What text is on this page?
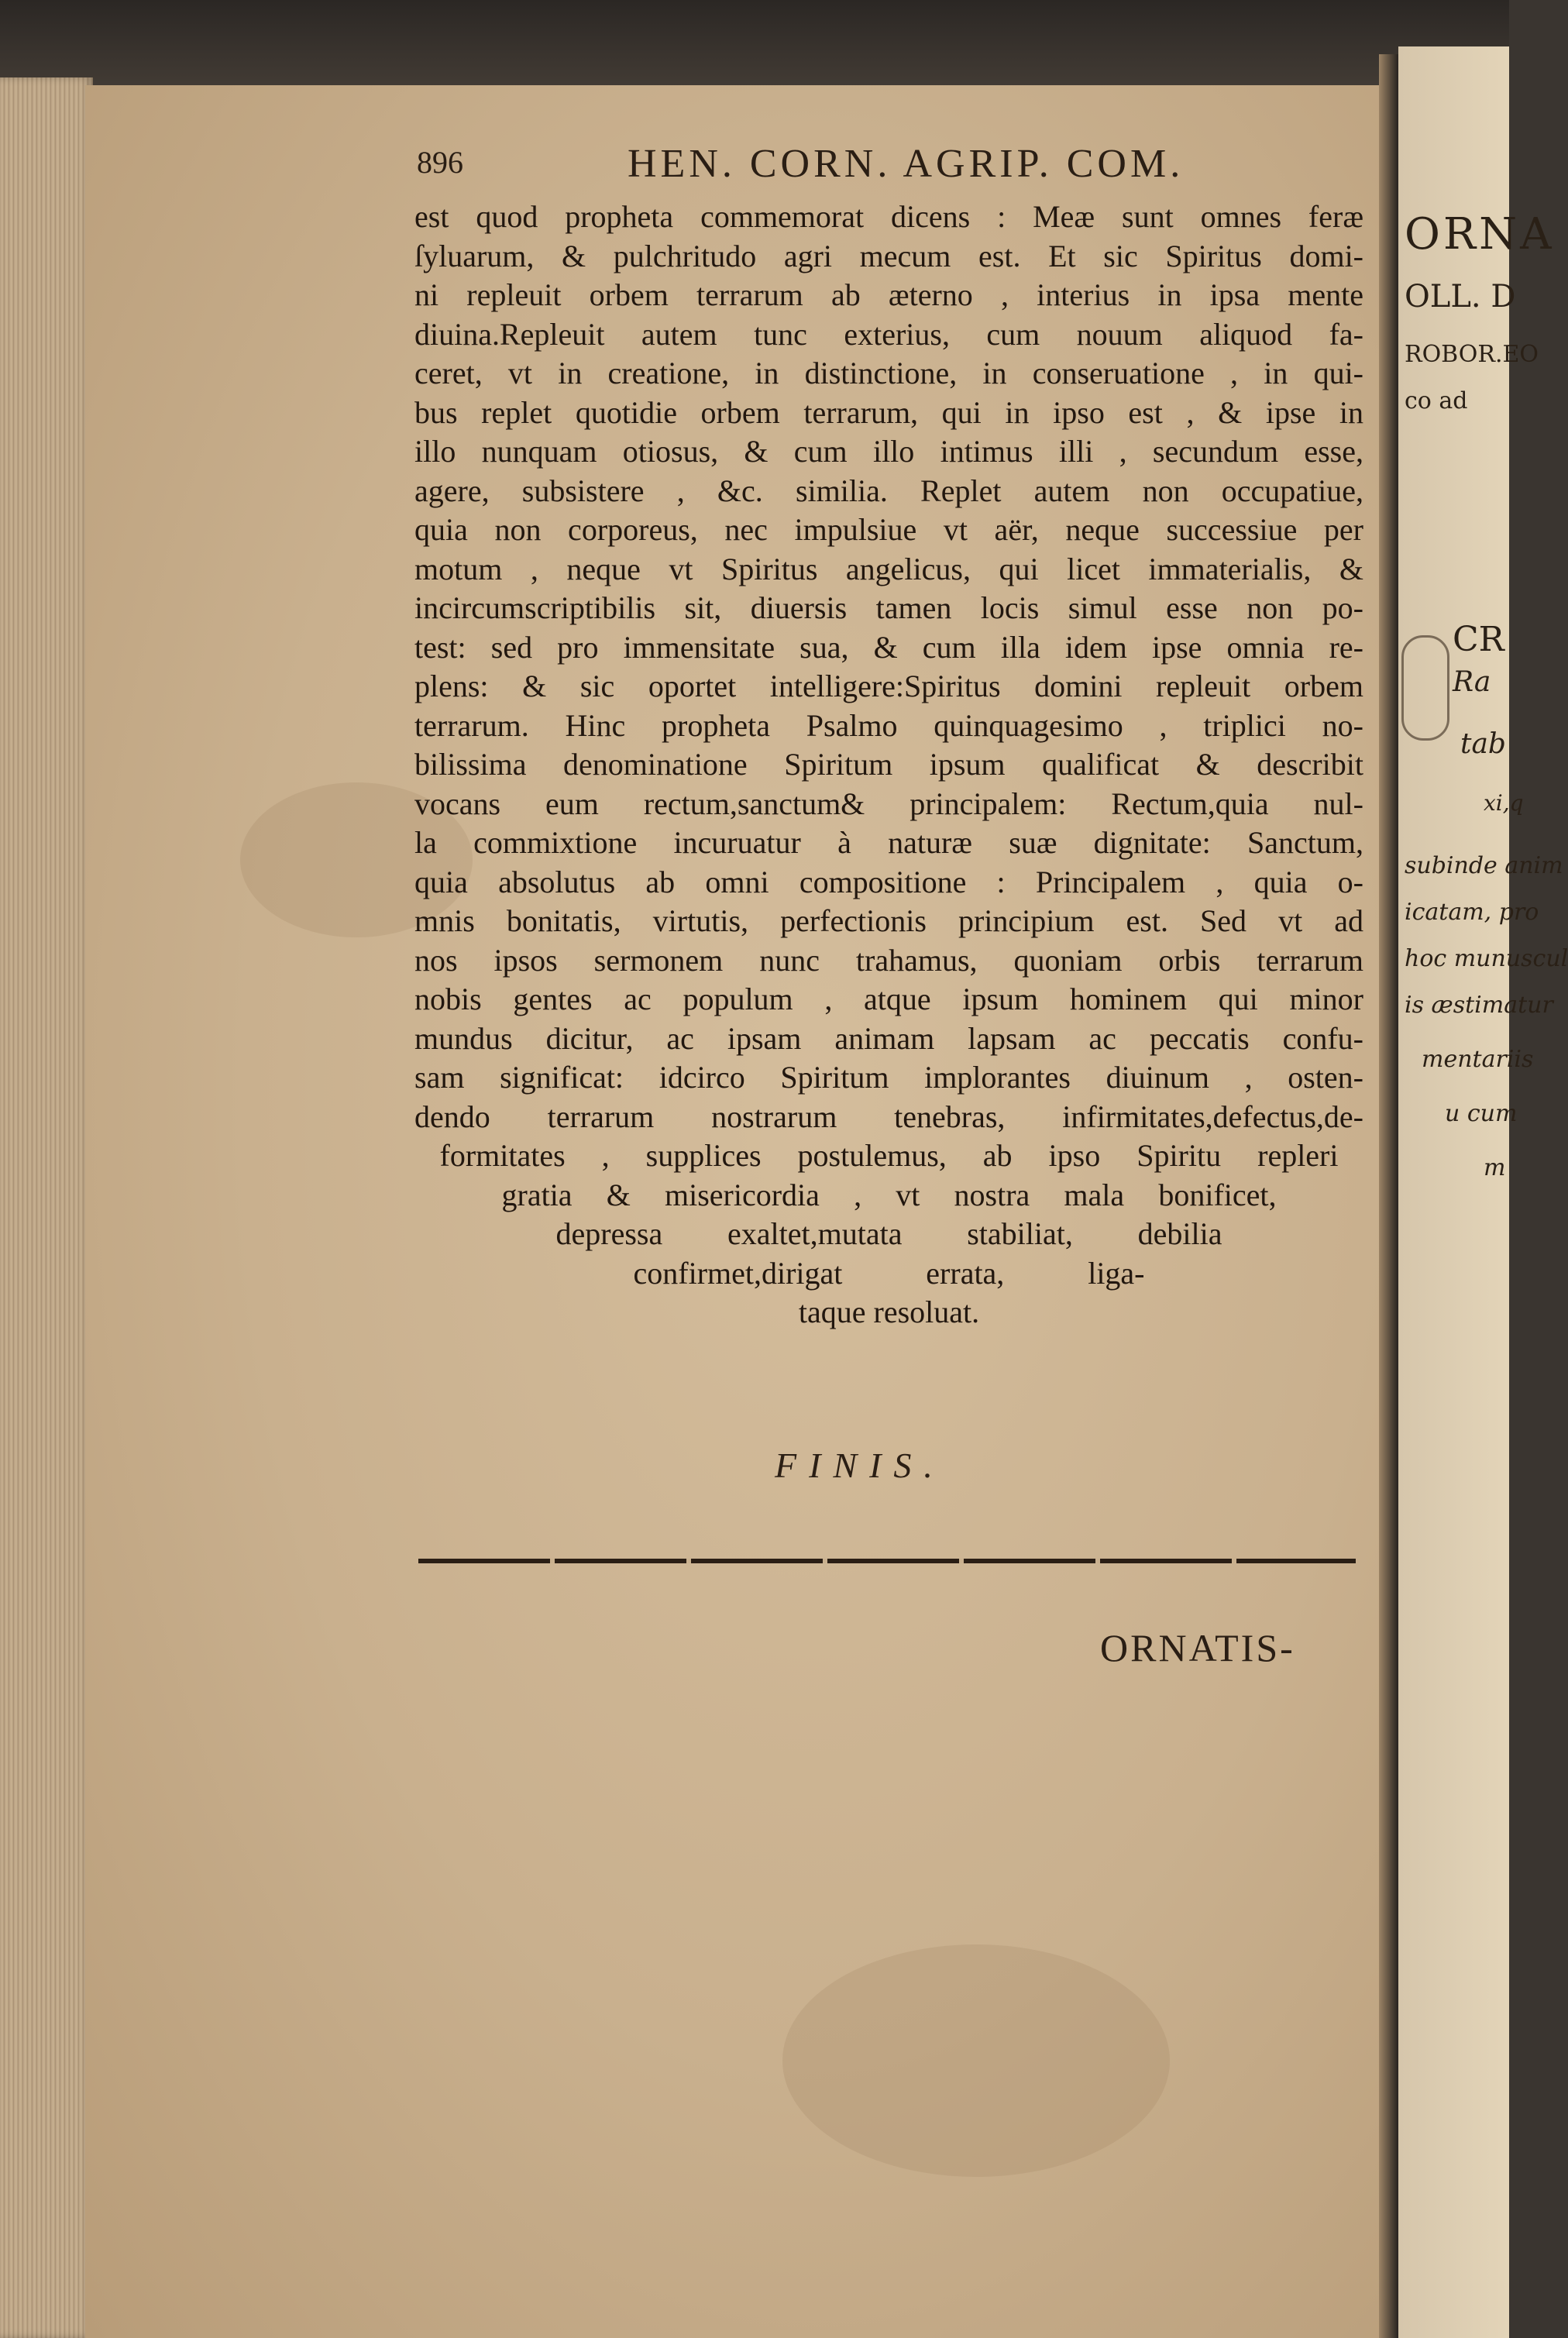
ORNA
OLL. D
ROBOR.EO
co ad
CR
Ra
tab
xi,q
subinde anim
icatam, pro
hoc munuscul
is æstimatur
mentariis
u cum
m
896	HEN. CORN. AGRIP. COM.
est quod propheta commemorat dicens : Meæ sunt omnes feræ
ſyluarum, & pulchritudo agri mecum est. Et sic Spiritus domi-
ni repleuit orbem terrarum ab æterno , interius in ipsa mente
diuina.Repleuit autem tunc exterius, cum nouum aliquod fa-
ceret, vt in creatione, in distinctione, in conseruatione , in qui-
bus replet quotidie orbem terrarum, qui in ipso est , & ipse in
illo nunquam otiosus, & cum illo intimus illi , secundum esse,
agere, subsistere , &c. similia. Replet autem non occupatiue,
quia non corporeus, nec impulsiue vt aër, neque successiue per
motum , neque vt Spiritus angelicus, qui licet immaterialis, &
incircumscriptibilis sit, diuersis tamen locis simul esse non po-
test: sed pro immensitate sua, & cum illa idem ipse omnia re-
plens: & sic oportet intelligere:Spiritus domini repleuit orbem
terrarum. Hinc propheta Psalmo quinquagesimo , triplici no-
bilissima denominatione Spiritum ipsum qualificat & describit
vocans eum rectum,sanctum& principalem: Rectum,quia nul-
la commixtione incuruatur à naturæ suæ dignitate: Sanctum,
quia absolutus ab omni compositione : Principalem , quia o-
mnis bonitatis, virtutis, perfectionis principium est. Sed vt ad
nos ipsos sermonem nunc trahamus, quoniam orbis terrarum
nobis gentes ac populum , atque ipsum hominem qui minor
mundus dicitur, ac ipsam animam lapsam ac peccatis confu-
sam significat: idcirco Spiritum implorantes diuinum , osten-
dendo terrarum nostrarum tenebras, infirmitates,defectus,de-
formitates , supplices postulemus, ab ipso Spiritu repleri
gratia & misericordia , vt nostra mala bonificet,
depressa exaltet,mutata stabiliat, debilia
confirmet,dirigat errata, liga-
taque resoluat.
FINIS.
ORNATIS-
